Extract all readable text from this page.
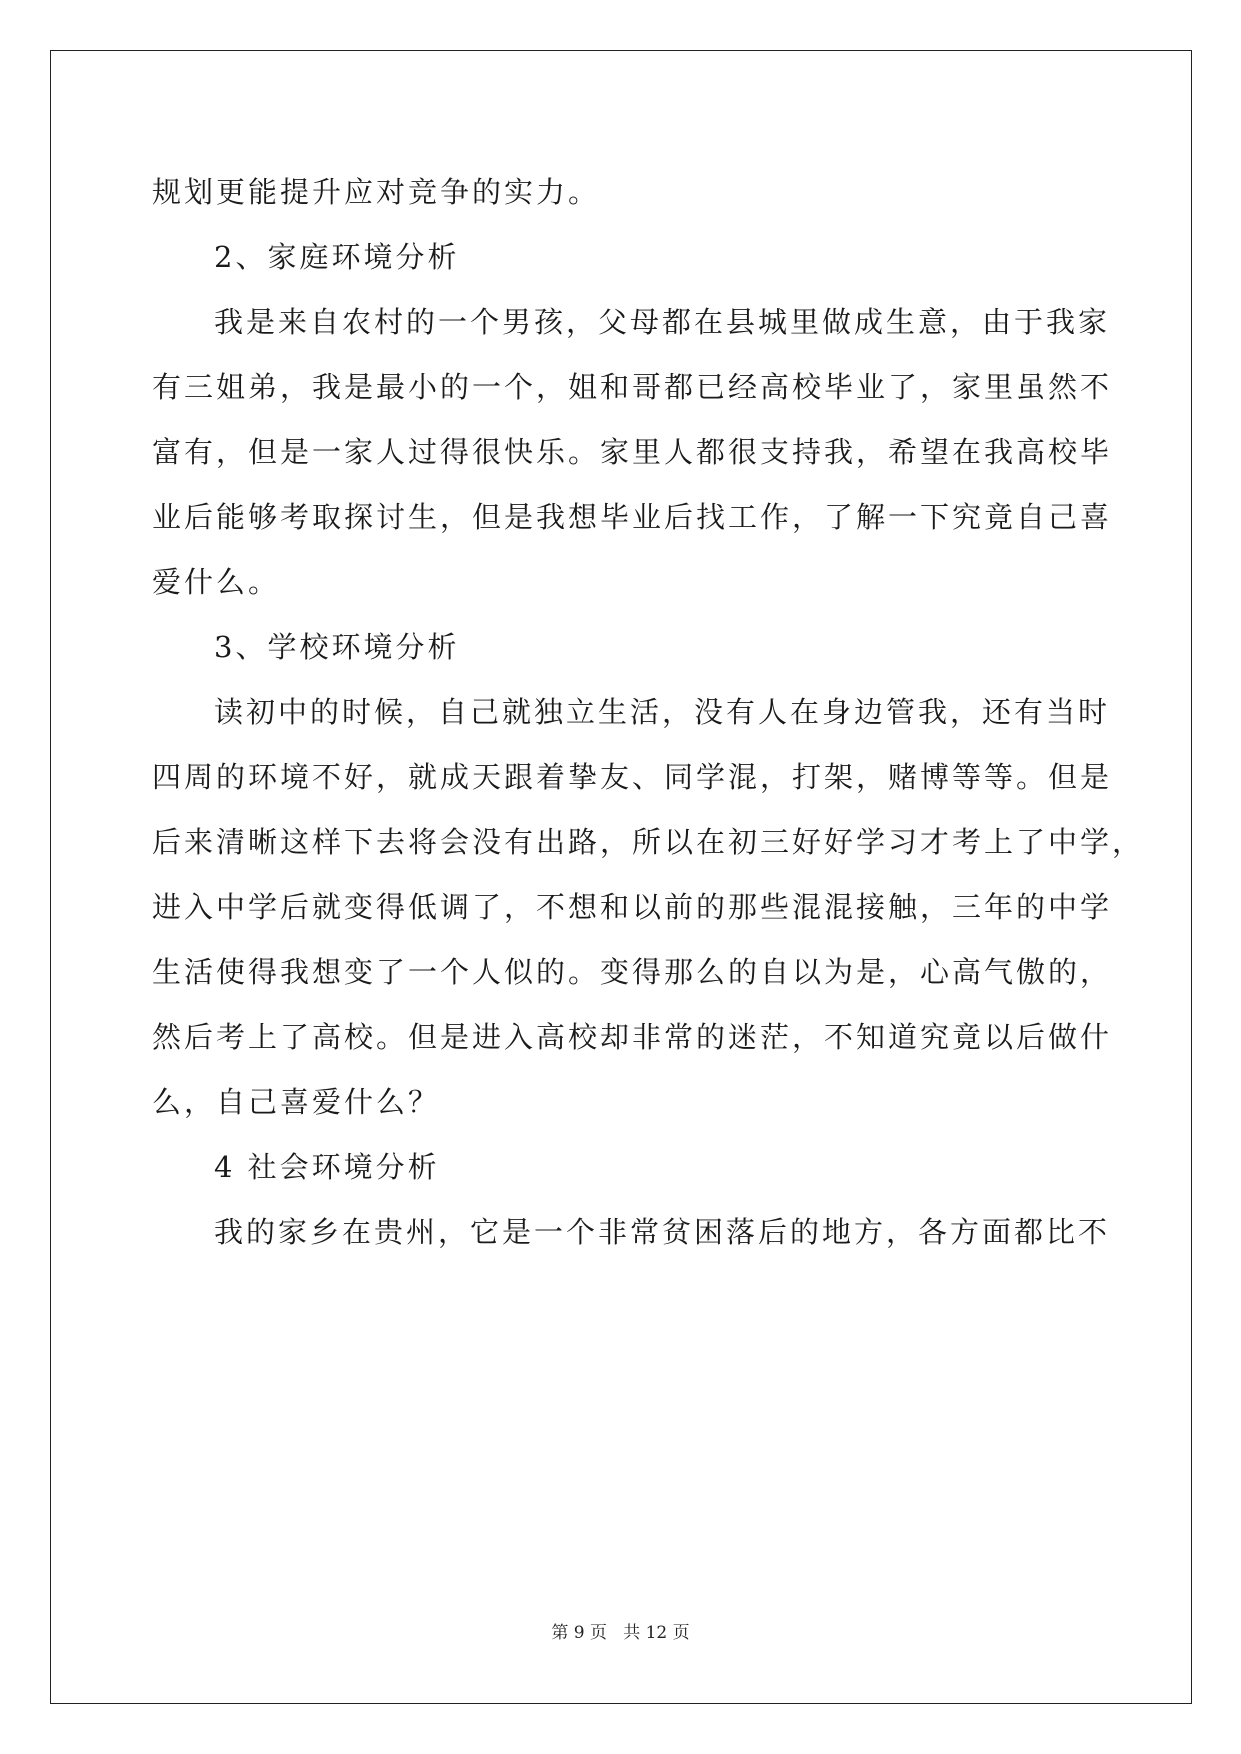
规划更能提升应对竞争的实力。
2、家庭环境分析
我是来自农村的一个男孩，父母都在县城里做成生意，由于我家
有三姐弟，我是最小的一个，姐和哥都已经高校毕业了，家里虽然不
富有，但是一家人过得很快乐。家里人都很支持我，希望在我高校毕
业后能够考取探讨生，但是我想毕业后找工作，了解一下究竟自己喜
爱什么。
3、学校环境分析
读初中的时候，自己就独立生活，没有人在身边管我，还有当时
四周的环境不好，就成天跟着挚友、同学混，打架，赌博等等。但是
后来清晰这样下去将会没有出路，所以在初三好好学习才考上了中学，
进入中学后就变得低调了，不想和以前的那些混混接触，三年的中学
生活使得我想变了一个人似的。变得那么的自以为是，心高气傲的，
然后考上了高校。但是进入高校却非常的迷茫，不知道究竟以后做什
么，自己喜爱什么？
4 社会环境分析
我的家乡在贵州，它是一个非常贫困落后的地方，各方面都比不
第 9 页 共 12 页
